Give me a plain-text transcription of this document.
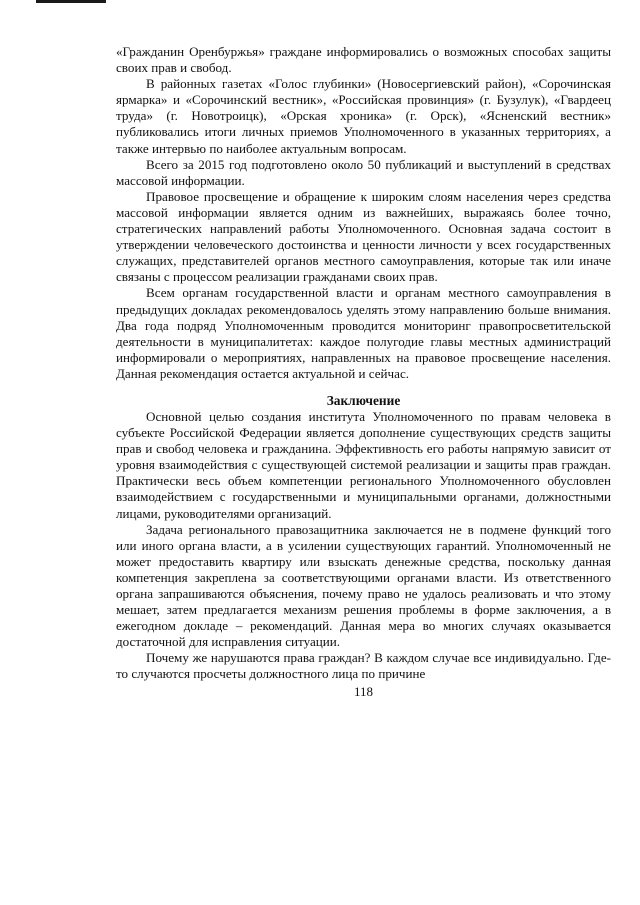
«Гражданин Оренбуржья» граждане информировались о возможных способах защиты своих прав и свобод.

В районных газетах «Голос глубинки» (Новосергиевский район), «Сорочинская ярмарка» и «Сорочинский вестник», «Российская провинция» (г. Бузулук), «Гвардеец труда» (г. Новотроицк), «Орская хроника» (г. Орск), «Ясненский вестник» публиковались итоги личных приемов Уполномоченного в указанных территориях, а также интервью по наиболее актуальным вопросам.

Всего за 2015 год подготовлено около 50 публикаций и выступлений в средствах массовой информации.

Правовое просвещение и обращение к широким слоям населения через средства массовой информации является одним из важнейших, выражаясь более точно, стратегических направлений работы Уполномоченного. Основная задача состоит в утверждении человеческого достоинства и ценности личности у всех государственных служащих, представителей органов местного самоуправления, которые так или иначе связаны с процессом реализации гражданами своих прав.

Всем органам государственной власти и органам местного самоуправления в предыдущих докладах рекомендовалось уделять этому направлению больше внимания. Два года подряд Уполномоченным проводится мониторинг правопросветительской деятельности в муниципалитетах: каждое полугодие главы местных администраций информировали о мероприятиях, направленных на правовое просвещение населения. Данная рекомендация остается актуальной и сейчас.

Заключение

Основной целью создания института Уполномоченного по правам человека в субъекте Российской Федерации является дополнение существующих средств защиты прав и свобод человека и гражданина. Эффективность его работы напрямую зависит от уровня взаимодействия с существующей системой реализации и защиты прав граждан. Практически весь объем компетенции регионального Уполномоченного обусловлен взаимодействием с государственными и муниципальными органами, должностными лицами, руководителями организаций.

Задача регионального правозащитника заключается не в подмене функций того или иного органа власти, а в усилении существующих гарантий. Уполномоченный не может предоставить квартиру или взыскать денежные средства, поскольку данная компетенция закреплена за соответствующими органами власти. Из ответственного органа запрашиваются объяснения, почему право не удалось реализовать и что этому мешает, затем предлагается механизм решения проблемы в форме заключения, а в ежегодном докладе – рекомендаций. Данная мера во многих случаях оказывается достаточной для исправления ситуации.

Почему же нарушаются права граждан? В каждом случае все индивидуально. Где-то случаются просчеты должностного лица по причине

118
